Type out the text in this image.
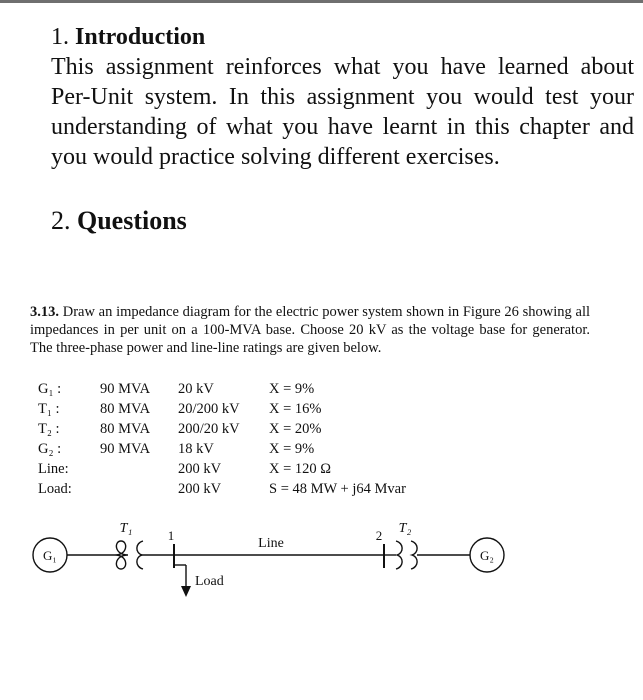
1. Introduction
This assignment reinforces what you have learned about Per-Unit system. In this assignment you would test your understanding of what you have learnt in this chapter and you would practice solving different exercises.
2. Questions
3.13. Draw an impedance diagram for the electric power system shown in Figure 26 showing all impedances in per unit on a 100-MVA base. Choose 20 kV as the voltage base for generator. The three-phase power and line-line ratings are given below.
G₁ :	90 MVA 20 kV	X = 9%
T₁ :	80 MVA 20/200 kV X = 16%
T₂ :	80 MVA 200/20 kV X = 20%
G₂ :	90 MVA 18 kV	X = 9%
Line:	200 kV	X = 120 Ω
Load:	200 kV	S = 48 MW + j64 Mvar
G₁	G₂
T₁	T₂
1	2
Line
Load
